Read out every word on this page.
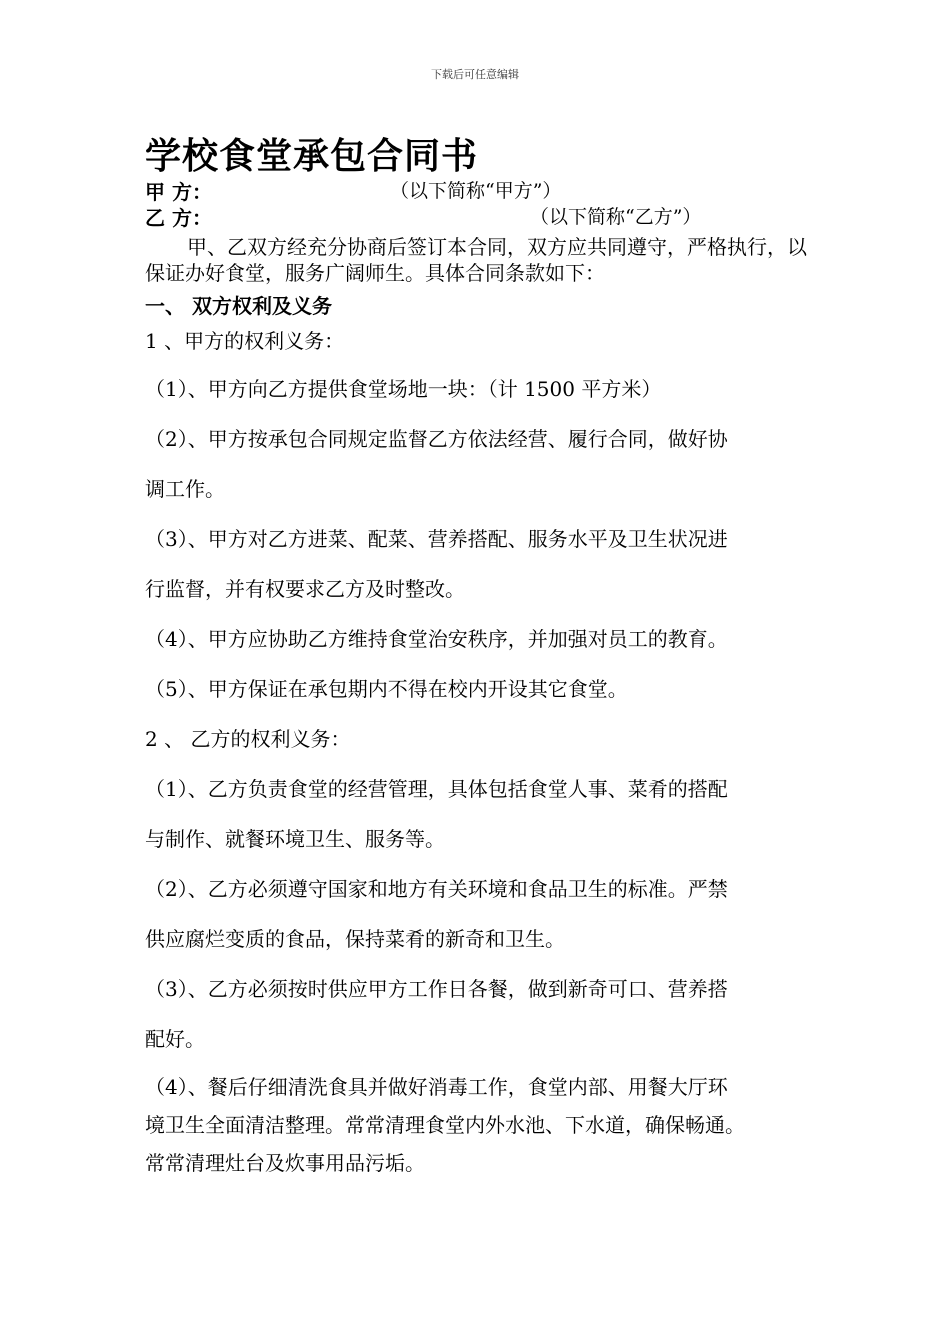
下载后可任意编辑
学校食堂承包合同书
甲 方：	（以下简称“甲方”）
乙 方：	（以下简称“乙方”）
甲、乙双方经充分协商后签订本合同，双方应共同遵守，严格执行，以保证办好食堂，服务广阔师生。具体合同条款如下：
一、 双方权利及义务
1 、甲方的权利义务：
（1）、甲方向乙方提供食堂场地一块：（计 1500 平方米）
（2）、甲方按承包合同规定监督乙方依法经营、履行合同，做好协
调工作。
（3）、甲方对乙方进菜、配菜、营养搭配、服务水平及卫生状况进
行监督，并有权要求乙方及时整改。
（4）、甲方应协助乙方维持食堂治安秩序，并加强对员工的教育。
（5）、甲方保证在承包期内不得在校内开设其它食堂。
2 、 乙方的权利义务：
（1）、乙方负责食堂的经营管理，具体包括食堂人事、菜肴的搭配
与制作、就餐环境卫生、服务等。
（2）、乙方必须遵守国家和地方有关环境和食品卫生的标准。严禁
供应腐烂变质的食品，保持菜肴的新奇和卫生。
（3）、乙方必须按时供应甲方工作日各餐，做到新奇可口、营养搭
配好。
（4）、餐后仔细清洗食具并做好消毒工作，食堂内部、用餐大厅环
境卫生全面清洁整理。常常清理食堂内外水池、下水道，确保畅通。
常常清理灶台及炊事用品污垢。
